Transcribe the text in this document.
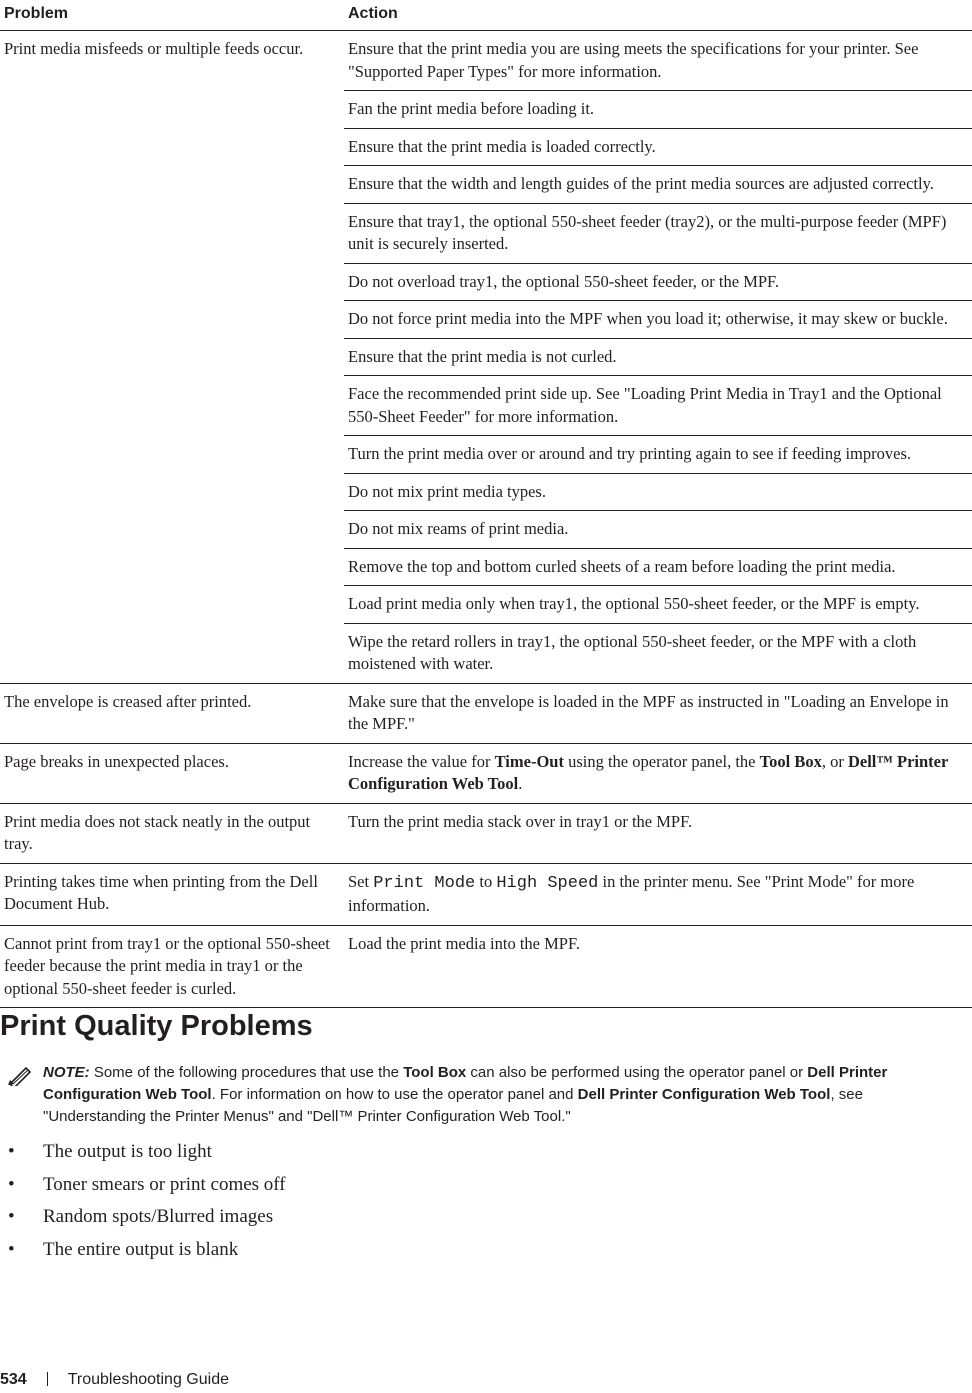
Problem	Action
Print media misfeeds or multiple feeds occur.	Ensure that the print media you are using meets the specifications for your printer. See "Supported Paper Types" for more information.
	Fan the print media before loading it.
	Ensure that the print media is loaded correctly.
	Ensure that the width and length guides of the print media sources are adjusted correctly.
	Ensure that tray1, the optional 550-sheet feeder (tray2), or the multi-purpose feeder (MPF) unit is securely inserted.
	Do not overload tray1, the optional 550-sheet feeder, or the MPF.
	Do not force print media into the MPF when you load it; otherwise, it may skew or buckle.
	Ensure that the print media is not curled.
	Face the recommended print side up. See "Loading Print Media in Tray1 and the Optional 550-Sheet Feeder" for more information.
	Turn the print media over or around and try printing again to see if feeding improves.
	Do not mix print media types.
	Do not mix reams of print media.
	Remove the top and bottom curled sheets of a ream before loading the print media.
	Load print media only when tray1, the optional 550-sheet feeder, or the MPF is empty.
	Wipe the retard rollers in tray1, the optional 550-sheet feeder, or the MPF with a cloth moistened with water.
The envelope is creased after printed.	Make sure that the envelope is loaded in the MPF as instructed in "Loading an Envelope in the MPF."
Page breaks in unexpected places.	Increase the value for Time-Out using the operator panel, the Tool Box, or Dell™ Printer Configuration Web Tool.
Print media does not stack neatly in the output tray.	Turn the print media stack over in tray1 or the MPF.
Printing takes time when printing from the Dell Document Hub.	Set Print Mode to High Speed in the printer menu. See "Print Mode" for more information.
Cannot print from tray1 or the optional 550-sheet feeder because the print media in tray1 or the optional 550-sheet feeder is curled.	Load the print media into the MPF.
Print Quality Problems
NOTE: Some of the following procedures that use the Tool Box can also be performed using the operator panel or Dell Printer Configuration Web Tool. For information on how to use the operator panel and Dell Printer Configuration Web Tool, see "Understanding the Printer Menus" and "Dell™ Printer Configuration Web Tool."
• The output is too light
• Toner smears or print comes off
• Random spots/Blurred images
• The entire output is blank
534	Troubleshooting Guide
